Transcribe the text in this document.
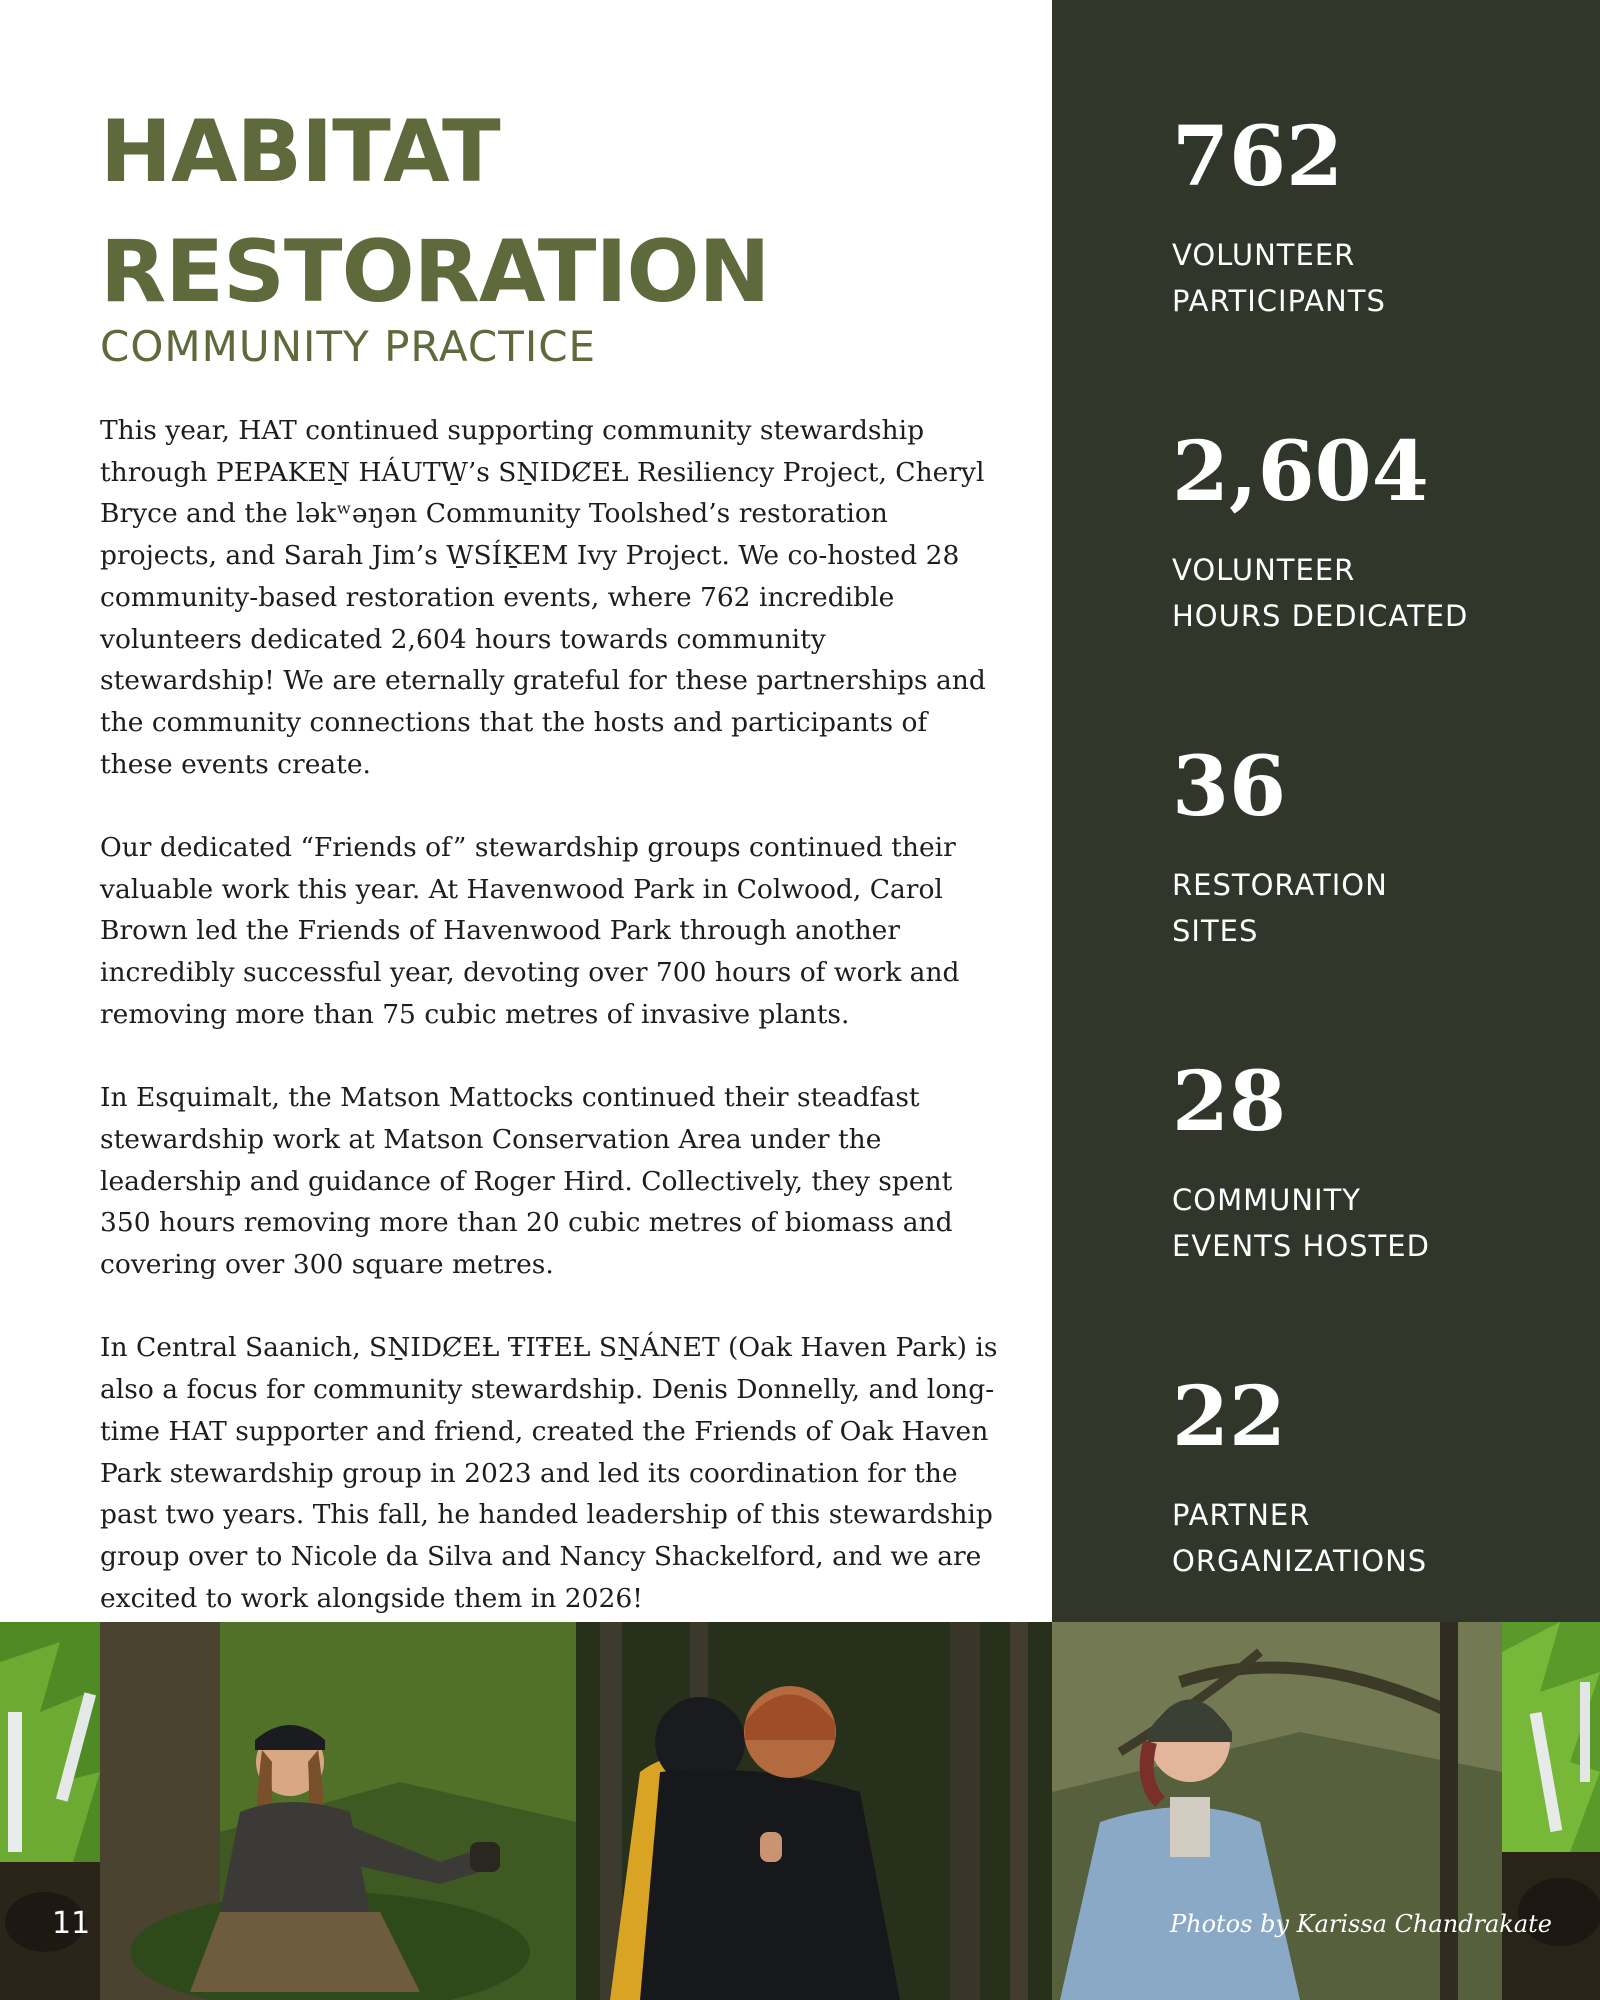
HABITAT
RESTORATION
COMMUNITY PRACTICE

This year, HAT continued supporting community stewardship through PEPAKEṈ HÁUTW̱’s SṈIDȻEȽ Resiliency Project, Cheryl Bryce and the ləkʷəŋən Community Toolshed’s restoration projects, and Sarah Jim’s W̱SÍḴEM Ivy Project. We co-hosted 28 community-based restoration events, where 762 incredible volunteers dedicated 2,604 hours towards community stewardship! We are eternally grateful for these partnerships and the community connections that the hosts and participants of these events create.

Our dedicated “Friends of” stewardship groups continued their valuable work this year. At Havenwood Park in Colwood, Carol Brown led the Friends of Havenwood Park through another incredibly successful year, devoting over 700 hours of work and removing more than 75 cubic metres of invasive plants.

In Esquimalt, the Matson Mattocks continued their steadfast stewardship work at Matson Conservation Area under the leadership and guidance of Roger Hird. Collectively, they spent 350 hours removing more than 20 cubic metres of biomass and covering over 300 square metres.

In Central Saanich, SṈIDȻEȽ ŦIŦEȽ SṈÁNET (Oak Haven Park) is also a focus for community stewardship. Denis Donnelly, and long-time HAT supporter and friend, created the Friends of Oak Haven Park stewardship group in 2023 and led its coordination for the past two years. This fall, he handed leadership of this stewardship group over to Nicole da Silva and Nancy Shackelford, and we are excited to work alongside them in 2026!

762
VOLUNTEER
PARTICIPANTS
2,604
VOLUNTEER
HOURS DEDICATED
36
RESTORATION
SITES
28
COMMUNITY
EVENTS HOSTED
22
PARTNER
ORGANIZATIONS
11	Photos by Karissa Chandrakate
